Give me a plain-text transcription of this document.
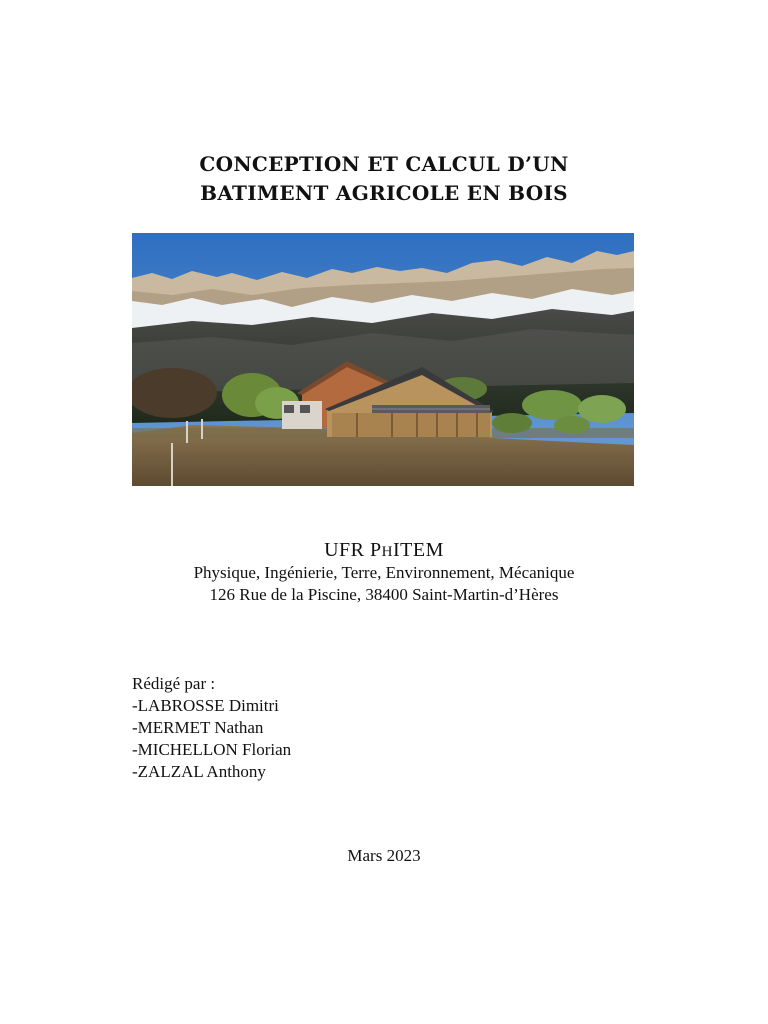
CONCEPTION ET CALCUL D’UN
BATIMENT AGRICOLE EN BOIS
UFR PHITEM
Physique, Ingénierie, Terre, Environnement, Mécanique
126 Rue de la Piscine, 38400 Saint-Martin-d’Hères
Rédigé par :
-LABROSSE Dimitri
-MERMET Nathan
-MICHELLON Florian
-ZALZAL Anthony
Mars 2023
